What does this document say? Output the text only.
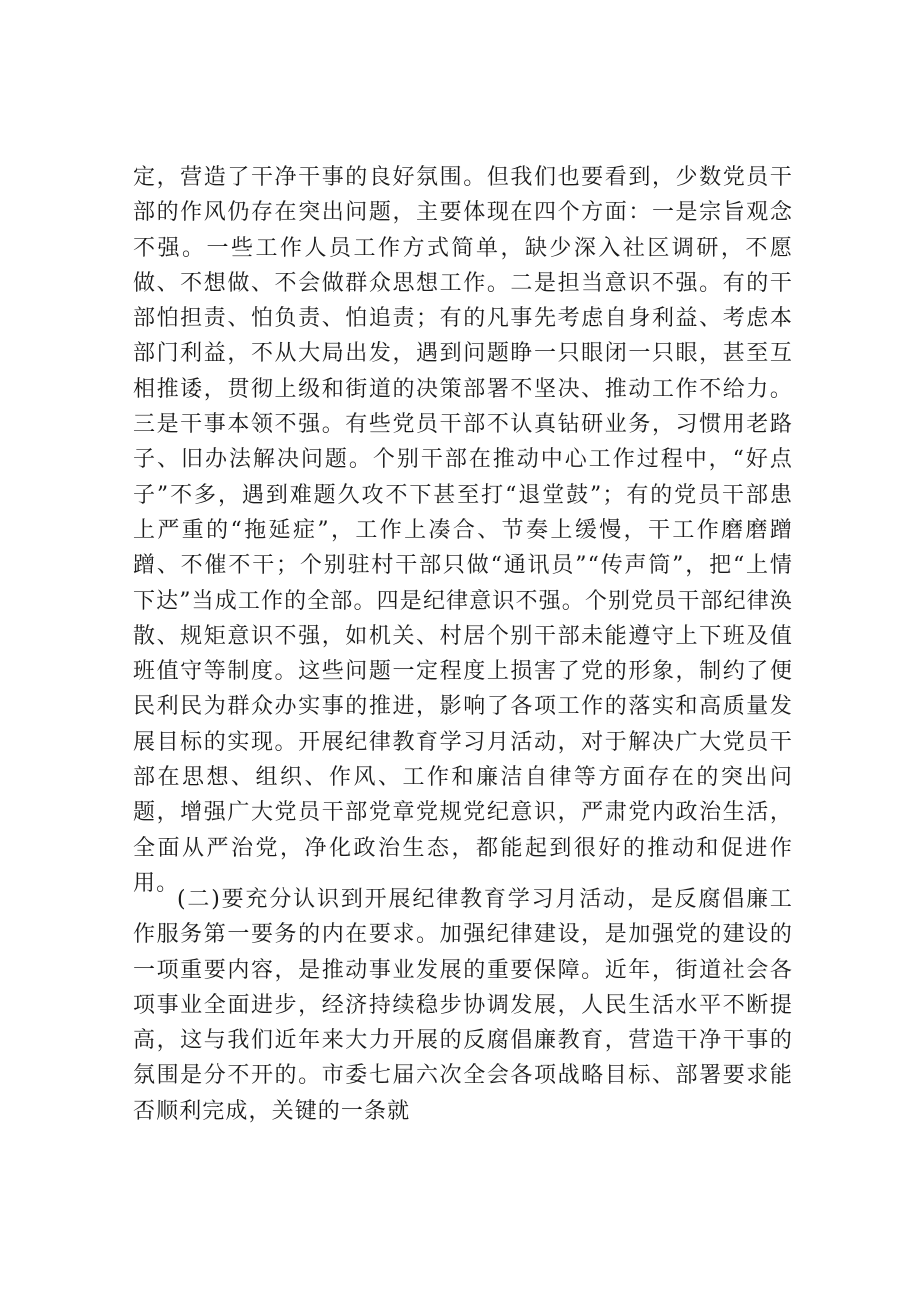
定，营造了干净干事的良好氛围。但我们也要看到，少数党员干部的作风仍存在突出问题，主要体现在四个方面：一是宗旨观念不强。一些工作人员工作方式简单，缺少深入社区调研，不愿做、不想做、不会做群众思想工作。二是担当意识不强。有的干部怕担责、怕负责、怕追责；有的凡事先考虑自身利益、考虑本部门利益，不从大局出发，遇到问题睁一只眼闭一只眼，甚至互相推诿，贯彻上级和街道的决策部署不坚决、推动工作不给力。三是干事本领不强。有些党员干部不认真钻研业务，习惯用老路子、旧办法解决问题。个别干部在推动中心工作过程中，“好点子”不多，遇到难题久攻不下甚至打“退堂鼓”；有的党员干部患上严重的“拖延症”，工作上凑合、节奏上缓慢，干工作磨磨蹭蹭、不催不干；个别驻村干部只做“通讯员”“传声筒”，把“上情下达”当成工作的全部。四是纪律意识不强。个别党员干部纪律涣散、规矩意识不强，如机关、村居个别干部未能遵守上下班及值班值守等制度。这些问题一定程度上损害了党的形象，制约了便民利民为群众办实事的推进，影响了各项工作的落实和高质量发展目标的实现。开展纪律教育学习月活动，对于解决广大党员干部在思想、组织、作风、工作和廉洁自律等方面存在的突出问题，增强广大党员干部党章党规党纪意识，严肃党内政治生活，全面从严治党，净化政治生态，都能起到很好的推动和促进作用。

(二)要充分认识到开展纪律教育学习月活动，是反腐倡廉工作服务第一要务的内在要求。加强纪律建设，是加强党的建设的一项重要内容，是推动事业发展的重要保障。近年，街道社会各项事业全面进步，经济持续稳步协调发展，人民生活水平不断提高，这与我们近年来大力开展的反腐倡廉教育，营造干净干事的氛围是分不开的。市委七届六次全会各项战略目标、部署要求能否顺利完成，关键的一条就
